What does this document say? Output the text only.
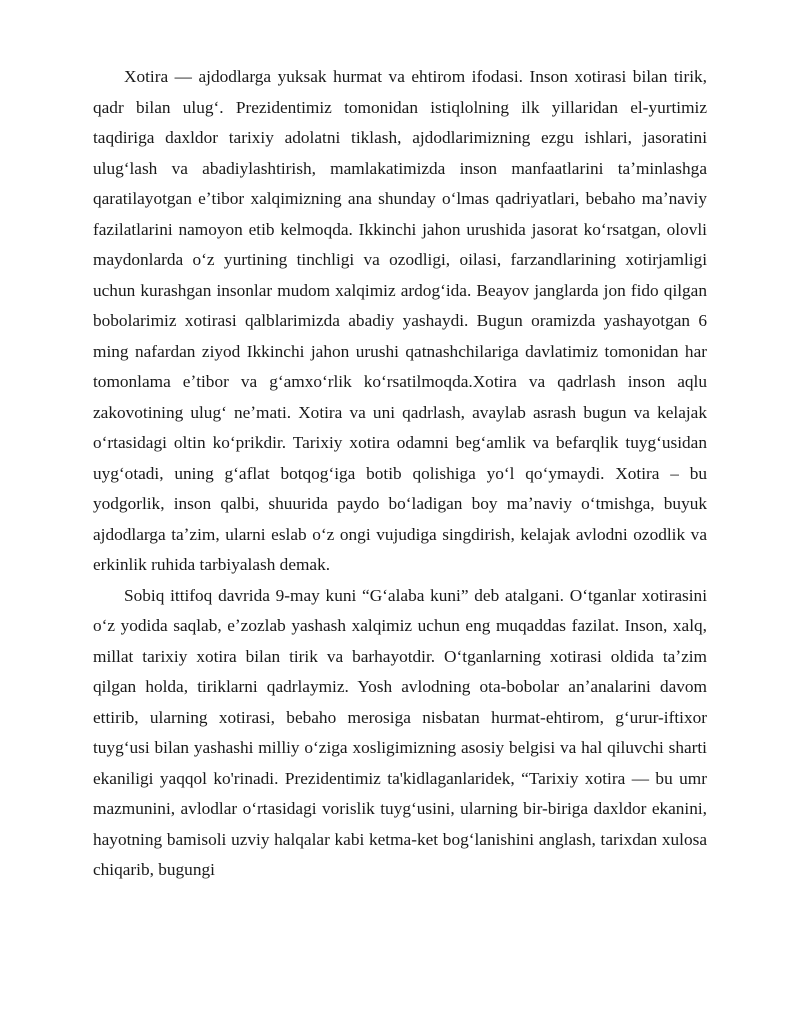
Xotira — ajdodlarga yuksak hurmat va ehtirom ifodasi. Inson xotirasi bilan tirik, qadr bilan ulugʻ. Prezidentimiz tomonidan istiqlolning ilk yillaridan el-yurtimiz taqdiriga daxldor tarixiy adolatni tiklash, ajdodlarimizning ezgu ishlari, jasoratini ulugʻlash va abadiylashtirish, mamlakatimizda inson manfaatlarini taʼminlashga qaratilayotgan eʼtibor xalqimizning ana shunday oʻlmas qadriyatlari, bebaho maʼnaviy fazilatlarini namoyon etib kelmoqda. Ikkinchi jahon urushida jasorat koʻrsatgan, olovli maydonlarda oʻz yurtining tinchligi va ozodligi, oilasi, farzandlarining xotirjamligi uchun kurashgan insonlar mudom xalqimiz ardogʻida. Beayov janglarda jon fido qilgan bobolarimiz xotirasi qalblarimizda abadiy yashaydi. Bugun oramizda yashayotgan 6 ming nafardan ziyod Ikkinchi jahon urushi qatnashchilariga davlatimiz tomonidan har tomonlama eʼtibor va gʻamxoʻrlik koʻrsatilmoqda.Xotira va qadrlash inson aqlu zakovotining ulugʻ neʼmati. Xotira va uni qadrlash, avaylab asrash bugun va kelajak oʻrtasidagi oltin koʻprikdir. Tarixiy xotira odamni begʻamlik va befarqlik tuygʻusidan uygʻotadi, uning gʻaflat botqogʻiga botib qolishiga yoʻl qoʻymaydi. Xotira – bu yodgorlik, inson qalbi, shuurida paydo boʻladigan boy maʼnaviy oʻtmishga, buyuk ajdodlarga taʼzim, ularni eslab oʻz ongi vujudiga singdirish, kelajak avlodni ozodlik va erkinlik ruhida tarbiyalash demak.

Sobiq ittifoq davrida 9-may kuni “Gʻalaba kuni” deb atalgani. Oʻtganlar xotirasini oʻz yodida saqlab, eʼzozlab yashash xalqimiz uchun eng muqaddas fazilat. Inson, xalq, millat tarixiy xotira bilan tirik va barhayotdir. Oʻtganlarning xotirasi oldida taʼzim qilgan holda, tiriklarni qadrlaymiz. Yosh avlodning ota-bobolar anʼanalarini davom ettirib, ularning xotirasi, bebaho merosiga nisbatan hurmat-ehtirom, gʻurur-iftixor tuygʻusi bilan yashashi milliy oʻziga xosligimizning asosiy belgisi va hal qiluvchi sharti ekaniligi yaqqol ko'rinadi. Prezidentimiz ta'kidlaganlaridek, “Tarixiy xotira — bu umr mazmunini, avlodlar oʻrtasidagi vorislik tuygʻusini, ularning bir-biriga daxldor ekanini, hayotning bamisoli uzviy halqalar kabi ketma-ket bogʻlanishini anglash, tarixdan xulosa chiqarib, bugungi
